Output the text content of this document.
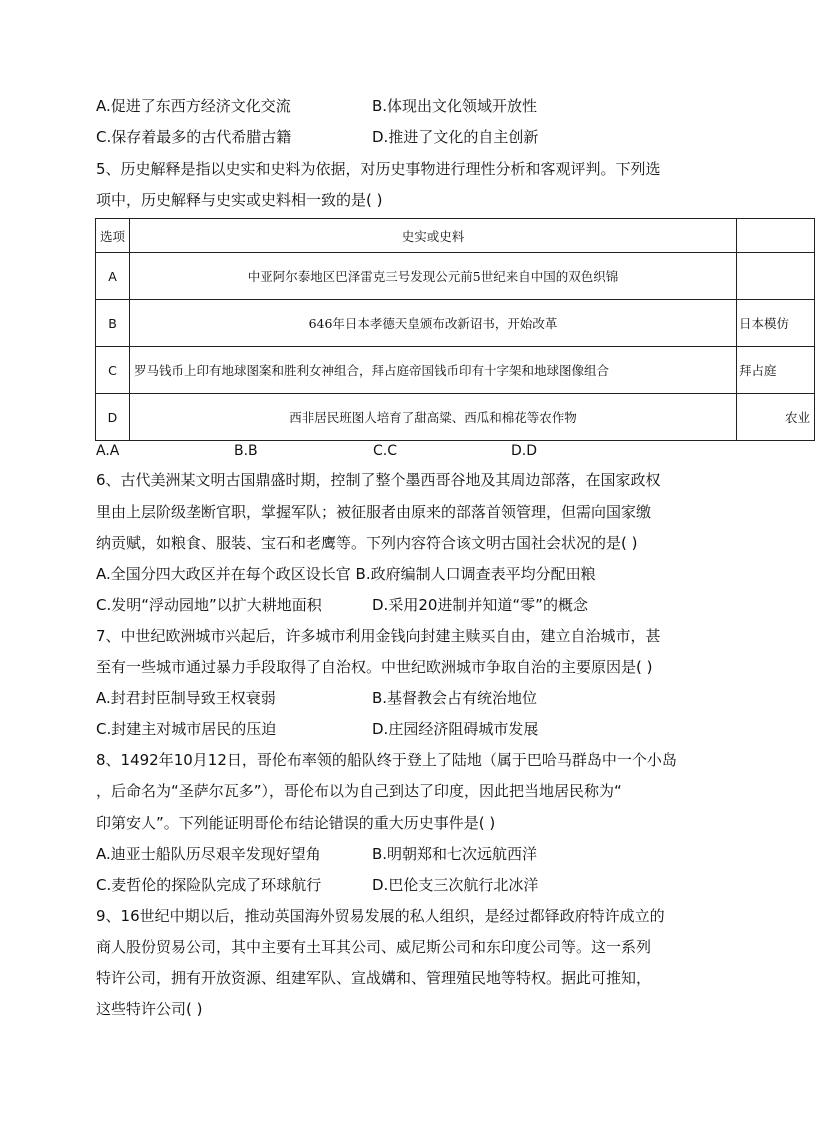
A.促进了东西方经济文化交流	B.体现出文化领域开放性
C.保存着最多的古代希腊古籍	D.推进了文化的自主创新
5、历史解释是指以史实和史料为依据，对历史事物进行理性分析和客观评判。下列选
项中，历史解释与史实或史料相一致的是( )
选项	史实或史料	
A	中亚阿尔泰地区巴泽雷克三号发现公元前5世纪来自中国的双色织锦	
B	646年日本孝德天皇颁布改新诏书，开始改革	日本模仿
C	罗马钱币上印有地球图案和胜利女神组合，拜占庭帝国钱币印有十字架和地球图像组合	拜占庭
D	西非居民班图人培育了甜高粱、西瓜和棉花等农作物	农业
A.A	B.B	C.C	D.D
6、古代美洲某文明古国鼎盛时期，控制了整个墨西哥谷地及其周边部落，在国家政权
里由上层阶级垄断官职，掌握军队；被征服者由原来的部落首领管理，但需向国家缴
纳贡赋，如粮食、服装、宝石和老鹰等。下列内容符合该文明古国社会状况的是( )
A.全国分四大政区并在每个政区设长官 B.政府编制人口调查表平均分配田粮
C.发明“浮动园地”以扩大耕地面积	D.采用20进制并知道“零”的概念
7、中世纪欧洲城市兴起后，许多城市利用金钱向封建主赎买自由，建立自治城市，甚
至有一些城市通过暴力手段取得了自治权。中世纪欧洲城市争取自治的主要原因是( )
A.封君封臣制导致王权衰弱	B.基督教会占有统治地位
C.封建主对城市居民的压迫	D.庄园经济阻碍城市发展
8、1492年10月12日，哥伦布率领的船队终于登上了陆地（属于巴哈马群岛中一个小岛
，后命名为“圣萨尔瓦多”），哥伦布以为自己到达了印度，因此把当地居民称为“
印第安人”。下列能证明哥伦布结论错误的重大历史事件是( )
A.迪亚士船队历尽艰辛发现好望角	B.明朝郑和七次远航西洋
C.麦哲伦的探险队完成了环球航行	D.巴伦支三次航行北冰洋
9、16世纪中期以后，推动英国海外贸易发展的私人组织，是经过都铎政府特许成立的
商人股份贸易公司，其中主要有土耳其公司、威尼斯公司和东印度公司等。这一系列
特许公司，拥有开放资源、组建军队、宣战媾和、管理殖民地等特权。据此可推知，
这些特许公司( )
